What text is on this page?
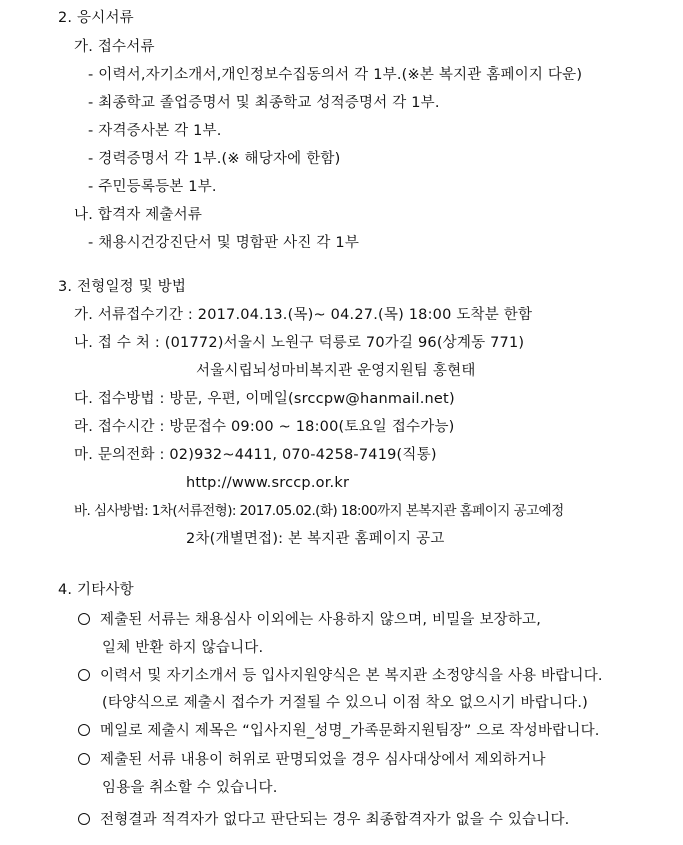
2. 응시서류
가. 접수서류
- 이력서,자기소개서,개인정보수집동의서 각 1부.(※본 복지관 홈페이지 다운)
- 최종학교 졸업증명서 및 최종학교 성적증명서 각 1부.
- 자격증사본 각 1부.
- 경력증명서 각 1부.(※ 해당자에 한함)
- 주민등록등본 1부.
나. 합격자 제출서류
- 채용시건강진단서 및 명함판 사진 각 1부
3. 전형일정 및 방법
가. 서류접수기간 : 2017.04.13.(목)~ 04.27.(목) 18:00 도착분 한함
나. 접 수 처 : (01772)서울시 노원구 덕릉로 70가길 96(상계동 771)
서울시립뇌성마비복지관 운영지원팀 홍현태
다. 접수방법 : 방문, 우편, 이메일(srccpw@hanmail.net)
라. 접수시간 : 방문접수 09:00 ~ 18:00(토요일 접수가능)
마. 문의전화 : 02)932~4411, 070-4258-7419(직통)
http://www.srccp.or.kr
바. 심사방법: 1차(서류전형): 2017.05.02.(화) 18:00까지 본복지관 홈페이지 공고예정
2차(개별면접): 본 복지관 홈페이지 공고
4. 기타사항
제출된 서류는 채용심사 이외에는 사용하지 않으며, 비밀을 보장하고,
일체 반환 하지 않습니다.
이력서 및 자기소개서 등 입사지원양식은 본 복지관 소정양식을 사용 바랍니다.
(타양식으로 제출시 접수가 거절될 수 있으니 이점 착오 없으시기 바랍니다.)
메일로 제출시 제목은 “입사지원_성명_가족문화지원팀장” 으로 작성바랍니다.
제출된 서류 내용이 허위로 판명되었을 경우 심사대상에서 제외하거나
임용을 취소할 수 있습니다.
전형결과 적격자가 없다고 판단되는 경우 최종합격자가 없을 수 있습니다.
